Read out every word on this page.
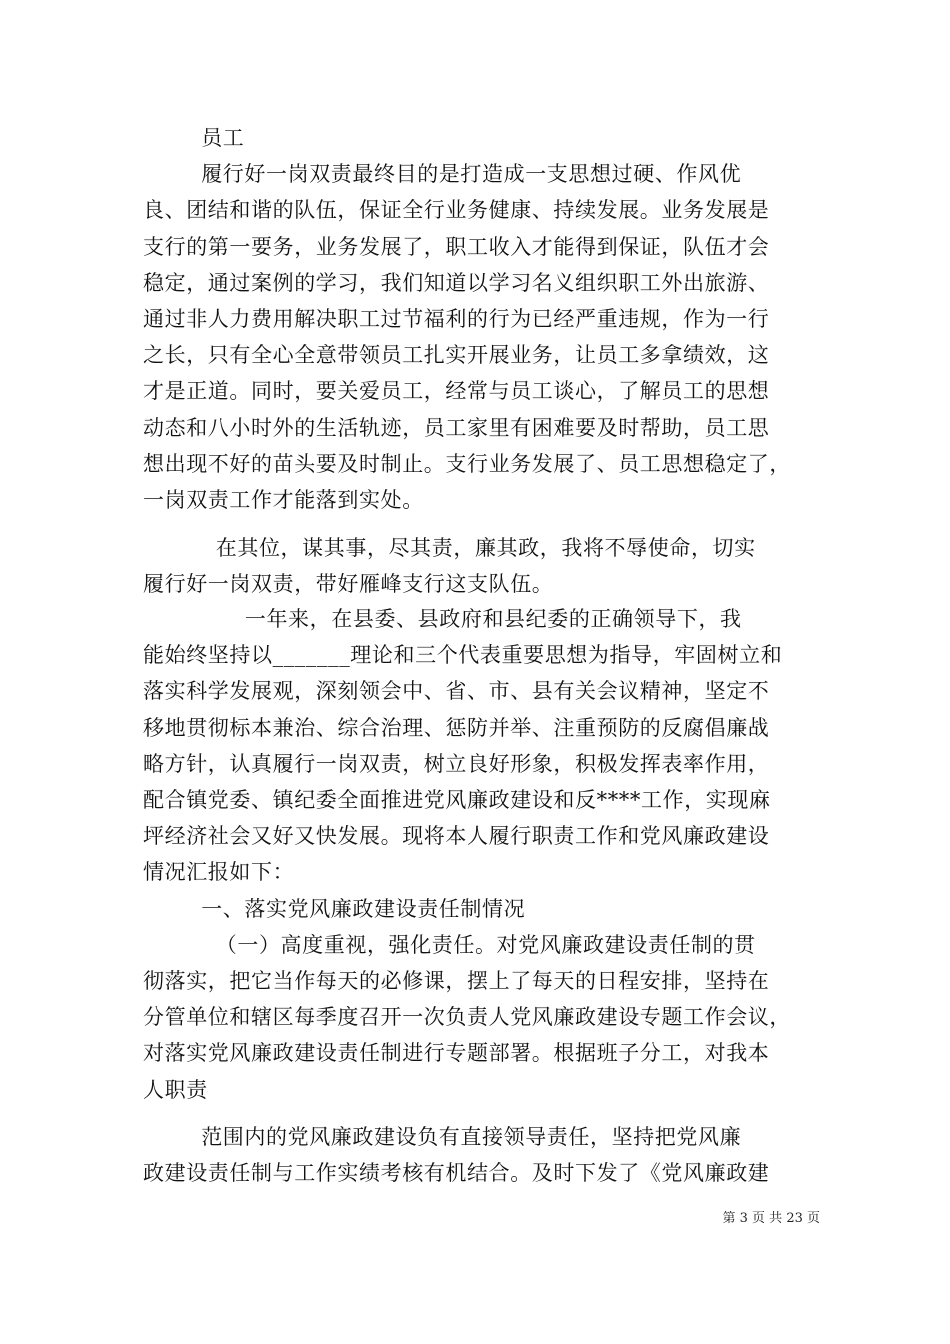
员工
履行好一岗双责最终目的是打造成一支思想过硬、作风优
良、团结和谐的队伍，保证全行业务健康、持续发展。业务发展是
支行的第一要务，业务发展了，职工收入才能得到保证，队伍才会
稳定，通过案例的学习，我们知道以学习名义组织职工外出旅游、
通过非人力费用解决职工过节福利的行为已经严重违规，作为一行
之长，只有全心全意带领员工扎实开展业务，让员工多拿绩效，这
才是正道。同时，要关爱员工，经常与员工谈心，了解员工的思想
动态和八小时外的生活轨迹，员工家里有困难要及时帮助，员工思
想出现不好的苗头要及时制止。支行业务发展了、员工思想稳定了，
一岗双责工作才能落到实处。
在其位，谋其事，尽其责，廉其政，我将不辱使命，切实
履行好一岗双责，带好雁峰支行这支队伍。
一年来，在县委、县政府和县纪委的正确领导下，我
能始终坚持以_______理论和三个代表重要思想为指导，牢固树立和
落实科学发展观，深刻领会中、省、市、县有关会议精神，坚定不
移地贯彻标本兼治、综合治理、惩防并举、注重预防的反腐倡廉战
略方针，认真履行一岗双责，树立良好形象，积极发挥表率作用，
配合镇党委、镇纪委全面推进党风廉政建设和反****工作，实现麻
坪经济社会又好又快发展。现将本人履行职责工作和党风廉政建设
情况汇报如下：
一、落实党风廉政建设责任制情况
（一）高度重视，强化责任。对党风廉政建设责任制的贯
彻落实，把它当作每天的必修课，摆上了每天的日程安排，坚持在
分管单位和辖区每季度召开一次负责人党风廉政建设专题工作会议，
对落实党风廉政建设责任制进行专题部署。根据班子分工，对我本
人职责
范围内的党风廉政建设负有直接领导责任，坚持把党风廉
政建设责任制与工作实绩考核有机结合。及时下发了《党风廉政建
第 3 页 共 23 页
